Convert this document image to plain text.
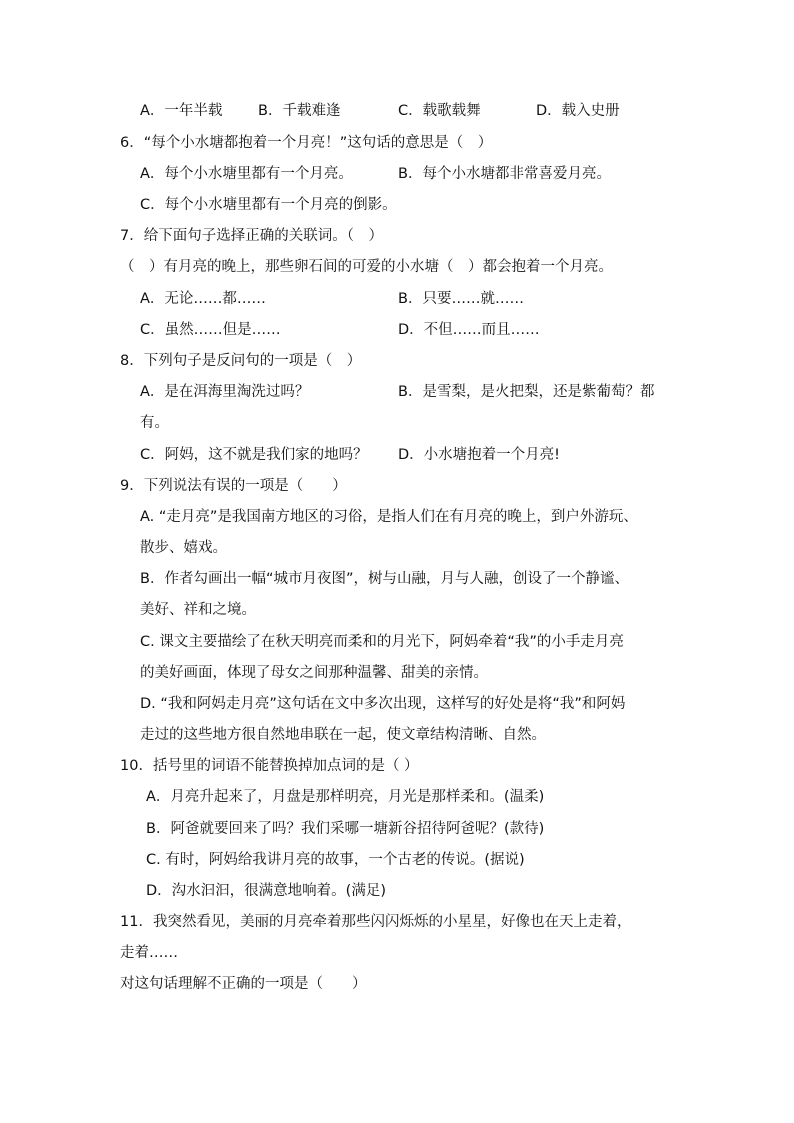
A．一年半载 B．千载难逢	C．载歌载舞	D．载入史册
6．“每个小水塘都抱着一个月亮！”这句话的意思是（　）
A．每个小水塘里都有一个月亮。	B．每个小水塘都非常喜爱月亮。
C．每个小水塘里都有一个月亮的倒影。
7．给下面句子选择正确的关联词。（　）
（　）有月亮的晚上，那些卵石间的可爱的小水塘（　）都会抱着一个月亮。
A．无论……都……	B．只要……就……
C．虽然……但是……	D．不但……而且……
8．下列句子是反问句的一项是（　）
A．是在洱海里淘洗过吗？	B．是雪梨，是火把梨，还是紫葡萄？都
有。
C．阿妈，这不就是我们家的地吗？ D．小水塘抱着一个月亮!
9．下列说法有误的一项是（　　）
A. “走月亮”是我国南方地区的习俗，是指人们在有月亮的晚上，到户外游玩、
散步、嬉戏。
B．作者勾画出一幅“城市月夜图”，树与山融，月与人融，创设了一个静谧、
美好、祥和之境。
C. 课文主要描绘了在秋天明亮而柔和的月光下，阿妈牵着“我”的小手走月亮
的美好画面，体现了母女之间那种温馨、甜美的亲情。
D. “我和阿妈走月亮”这句话在文中多次出现，这样写的好处是将“我”和阿妈
走过的这些地方很自然地串联在一起，使文章结构清晰、自然。
10．括号里的词语不能替换掉加点词的是（ ）
A．月亮升起来了，月盘是那样明亮，月光是那样柔和。(温柔)
B．阿爸就要回来了吗？我们采哪一塘新谷招待阿爸呢？(款待)
C. 有时，阿妈给我讲月亮的故事，一个古老的传说。(据说)
D．沟水汩汩，很满意地响着。(满足)
11．我突然看见，美丽的月亮牵着那些闪闪烁烁的小星星，好像也在天上走着，
走着……
对这句话理解不正确的一项是（　　）
